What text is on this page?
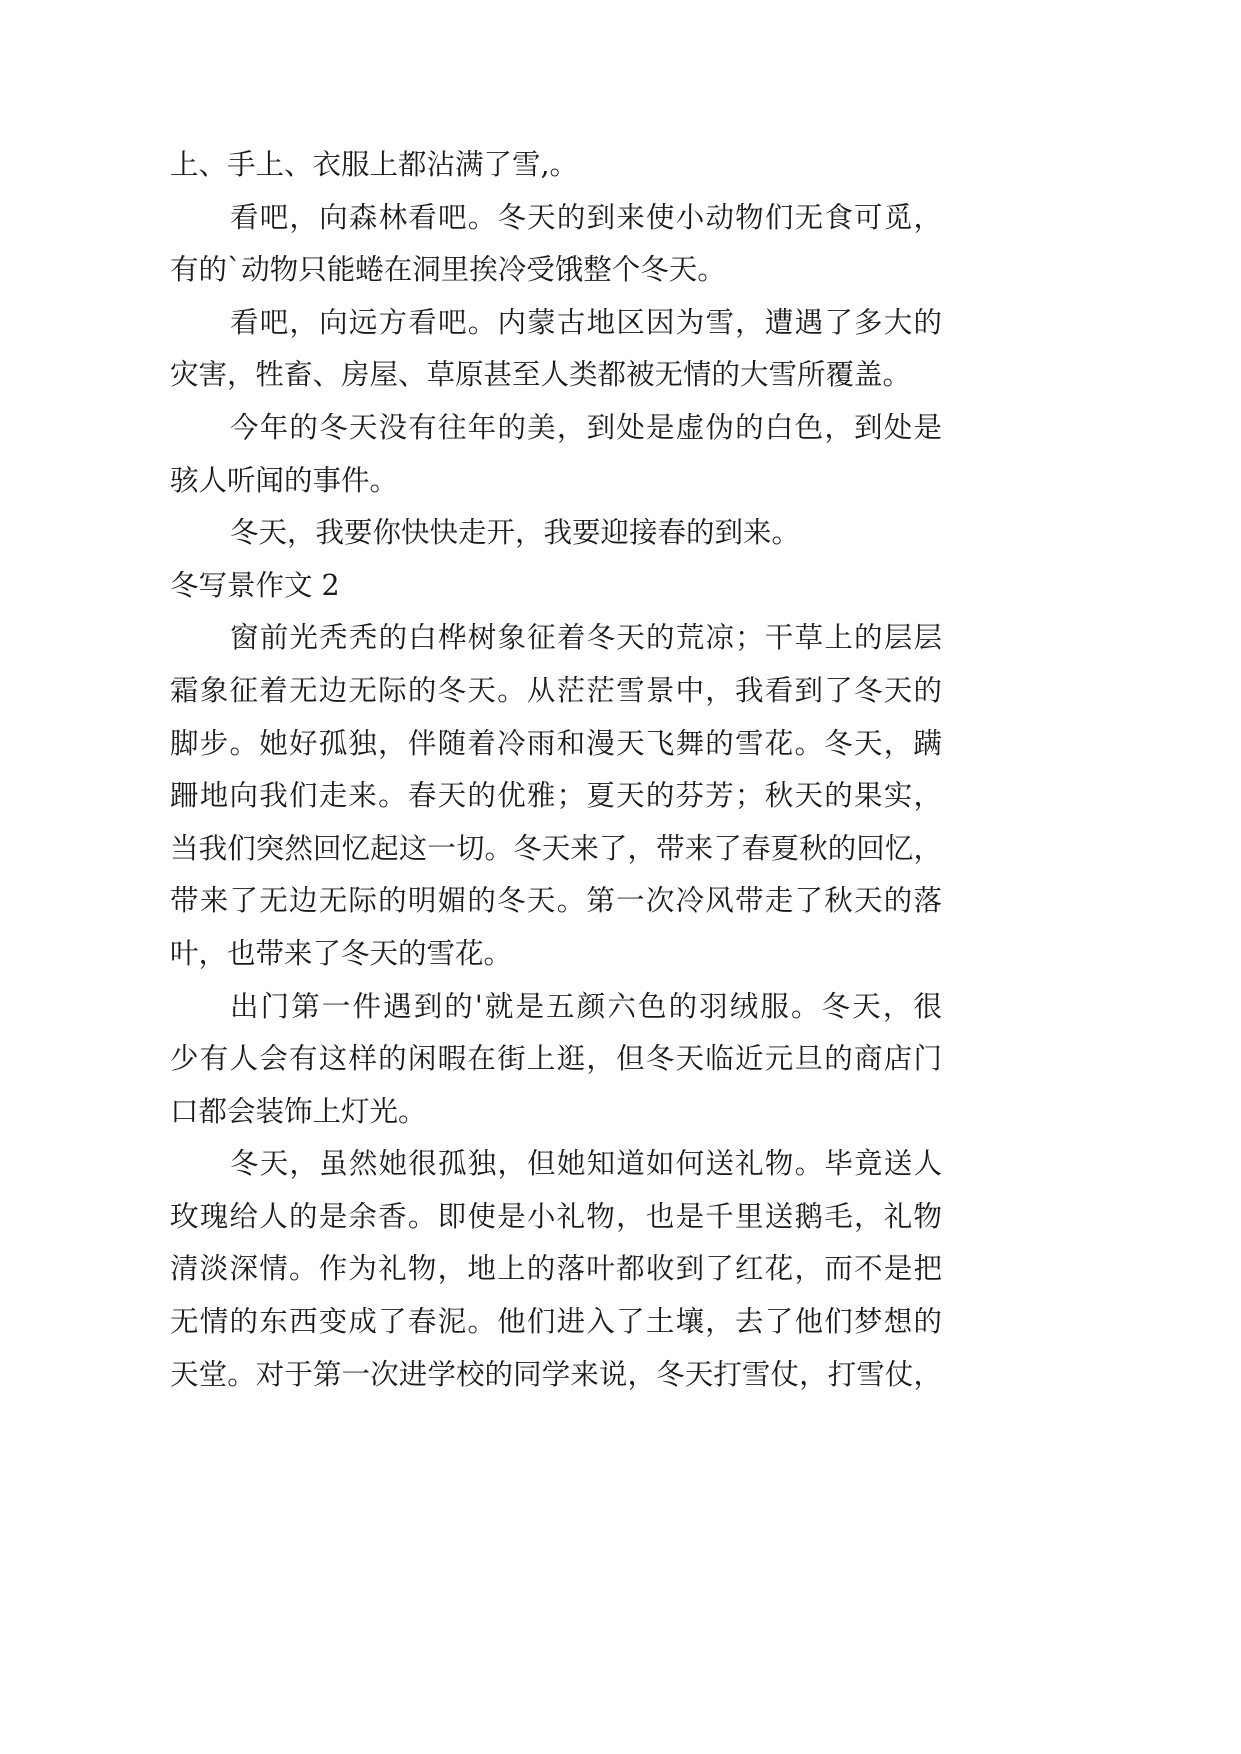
上、手上、衣服上都沾满了雪,。
看吧，向森林看吧。冬天的到来使小动物们无食可觅，
有的`动物只能蜷在洞里挨冷受饿整个冬天。
看吧，向远方看吧。内蒙古地区因为雪，遭遇了多大的
灾害，牲畜、房屋、草原甚至人类都被无情的大雪所覆盖。
今年的冬天没有往年的美，到处是虚伪的白色，到处是
骇人听闻的事件。
冬天，我要你快快走开，我要迎接春的到来。
冬写景作文 2
窗前光秃秃的白桦树象征着冬天的荒凉；干草上的层层
霜象征着无边无际的冬天。从茫茫雪景中，我看到了冬天的
脚步。她好孤独，伴随着冷雨和漫天飞舞的雪花。冬天，蹒
跚地向我们走来。春天的优雅；夏天的芬芳；秋天的果实，
当我们突然回忆起这一切。冬天来了，带来了春夏秋的回忆，
带来了无边无际的明媚的冬天。第一次冷风带走了秋天的落
叶，也带来了冬天的雪花。
出门第一件遇到的'就是五颜六色的羽绒服。冬天，很
少有人会有这样的闲暇在街上逛，但冬天临近元旦的商店门
口都会装饰上灯光。
冬天，虽然她很孤独，但她知道如何送礼物。毕竟送人
玫瑰给人的是余香。即使是小礼物，也是千里送鹅毛，礼物
清淡深情。作为礼物，地上的落叶都收到了红花，而不是把
无情的东西变成了春泥。他们进入了土壤，去了他们梦想的
天堂。对于第一次进学校的同学来说，冬天打雪仗，打雪仗，
